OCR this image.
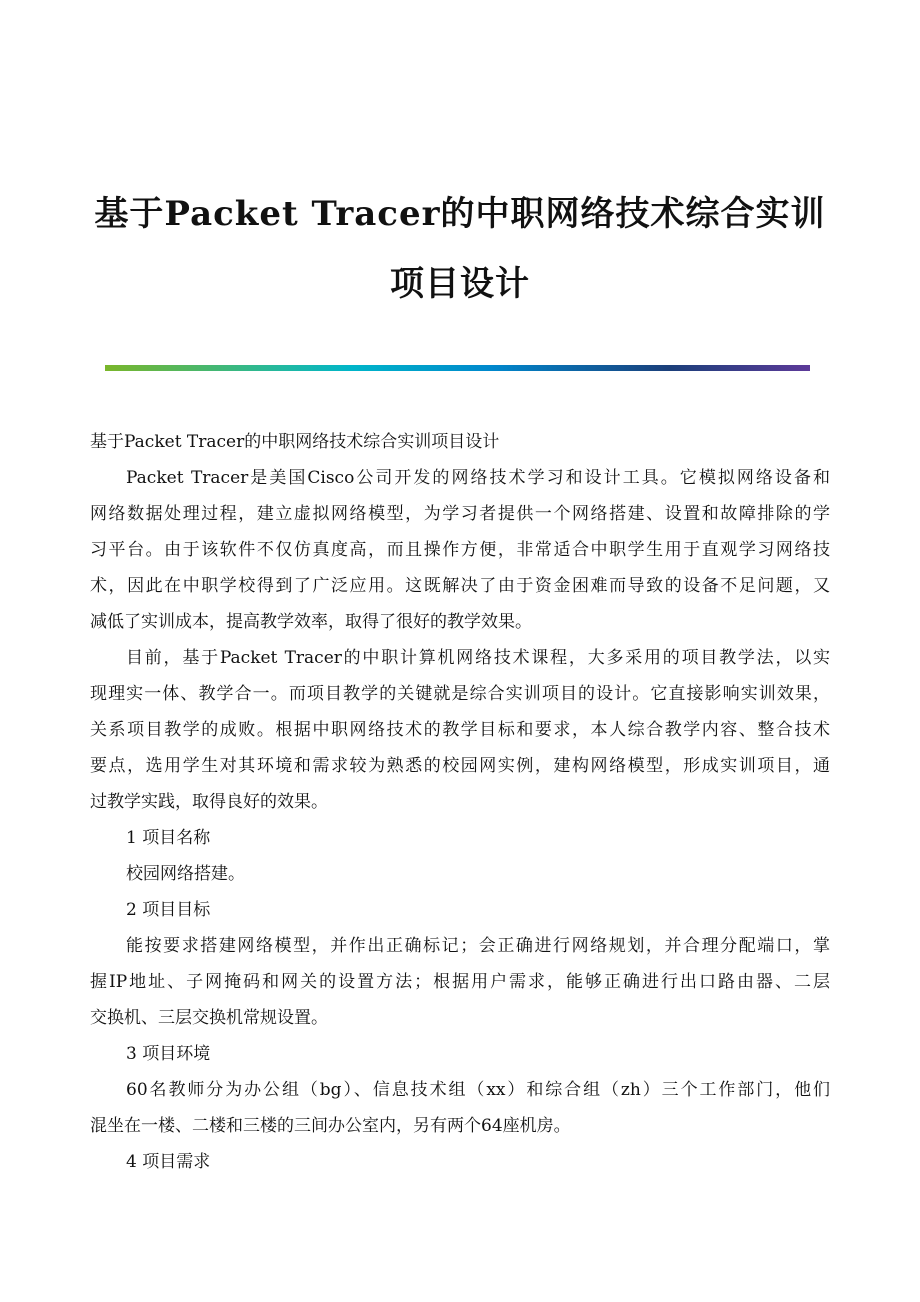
基于Packet Tracer的中职网络技术综合实训
项目设计
基于Packet Tracer的中职网络技术综合实训项目设计
Packet Tracer是美国Cisco公司开发的网络技术学习和设计工具。它模拟网络设备和
网络数据处理过程，建立虚拟网络模型，为学习者提供一个网络搭建、设置和故障排除的学
习平台。由于该软件不仅仿真度高，而且操作方便，非常适合中职学生用于直观学习网络技
术，因此在中职学校得到了广泛应用。这既解决了由于资金困难而导致的设备不足问题，又
减低了实训成本，提高教学效率，取得了很好的教学效果。
目前，基于Packet Tracer的中职计算机网络技术课程，大多采用的项目教学法，以实
现理实一体、教学合一。而项目教学的关键就是综合实训项目的设计。它直接影响实训效果，
关系项目教学的成败。根据中职网络技术的教学目标和要求，本人综合教学内容、整合技术
要点，选用学生对其环境和需求较为熟悉的校园网实例，建构网络模型，形成实训项目，通
过教学实践，取得良好的效果。
1 项目名称
校园网络搭建。
2 项目目标
能按要求搭建网络模型，并作出正确标记；会正确进行网络规划，并合理分配端口，掌
握IP地址、子网掩码和网关的设置方法；根据用户需求，能够正确进行出口路由器、二层
交换机、三层交换机常规设置。
3 项目环境
60名教师分为办公组（bg）、信息技术组（xx）和综合组（zh）三个工作部门，他们
混坐在一楼、二楼和三楼的三间办公室内，另有两个64座机房。
4 项目需求
